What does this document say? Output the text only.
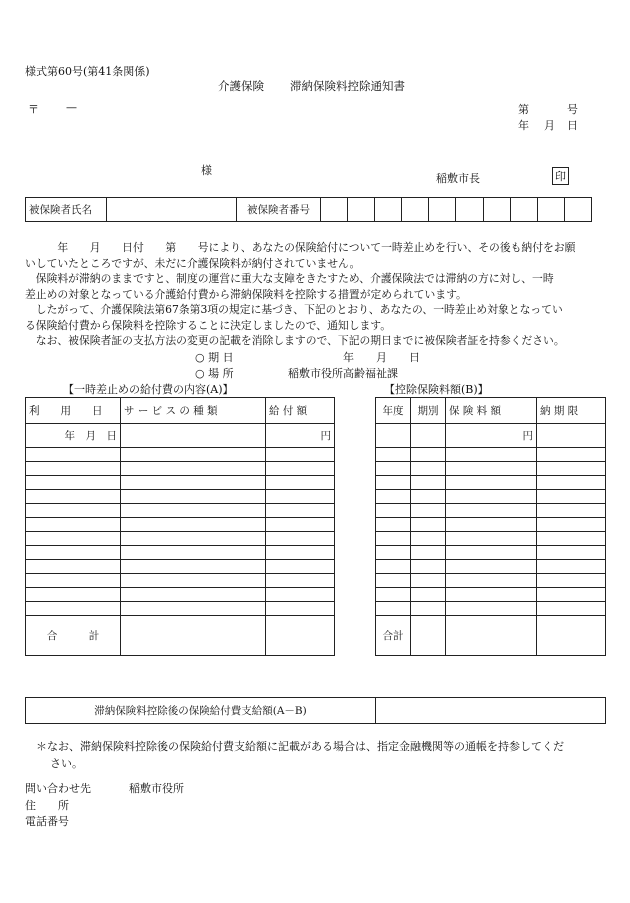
様式第60号(第41条関係)
介護保険 滞納保険料控除通知書
〒 —	第	号
年 月 日
様
稲敷市長	印
被保険者氏名		被保険者番号										

　　　年　　月　　日付　　第　　号により、あなたの保険給付について一時差止めを行い、その後も納付をお願

いしていたところですが、未だに介護保険料が納付されていません。

　保険料が滞納のままですと、制度の運営に重大な支障をきたすため、介護保険法では滞納の方に対し、一時

差止めの対象となっている介護給付費から滞納保険料を控除する措置が定められています。

　したがって、介護保険法第67条第3項の規定に基づき、下記のとおり、あなたの、一時差止め対象となってい

る保険給付費から保険料を控除することに決定しましたので、通知します。

　なお、被保険者証の支払方法の変更の記載を消除しますので、下記の期日までに被保険者証を持参ください。

○ 期 日	年　　月　　日
○ 場 所	稲敷市役所高齢福祉課
【一時差止めの給付費の内容(A)】
利　　用　　日	サ ー ビ ス の 種 類	給 付 額
年　月　日		円

合　　　計		
【控除保険料額(B)】
年度	期別	保 険 料 額	納 期 限
		円	

合計			
滞納保険料控除後の保険給付費支給額(A－B)	
＊なお、滞納保険料控除後の保険給付費支給額に記載がある場合は、指定金融機関等の通帳を持参してくだ
さい。
問い合わせ先	稲敷市役所
住　　所
電話番号
